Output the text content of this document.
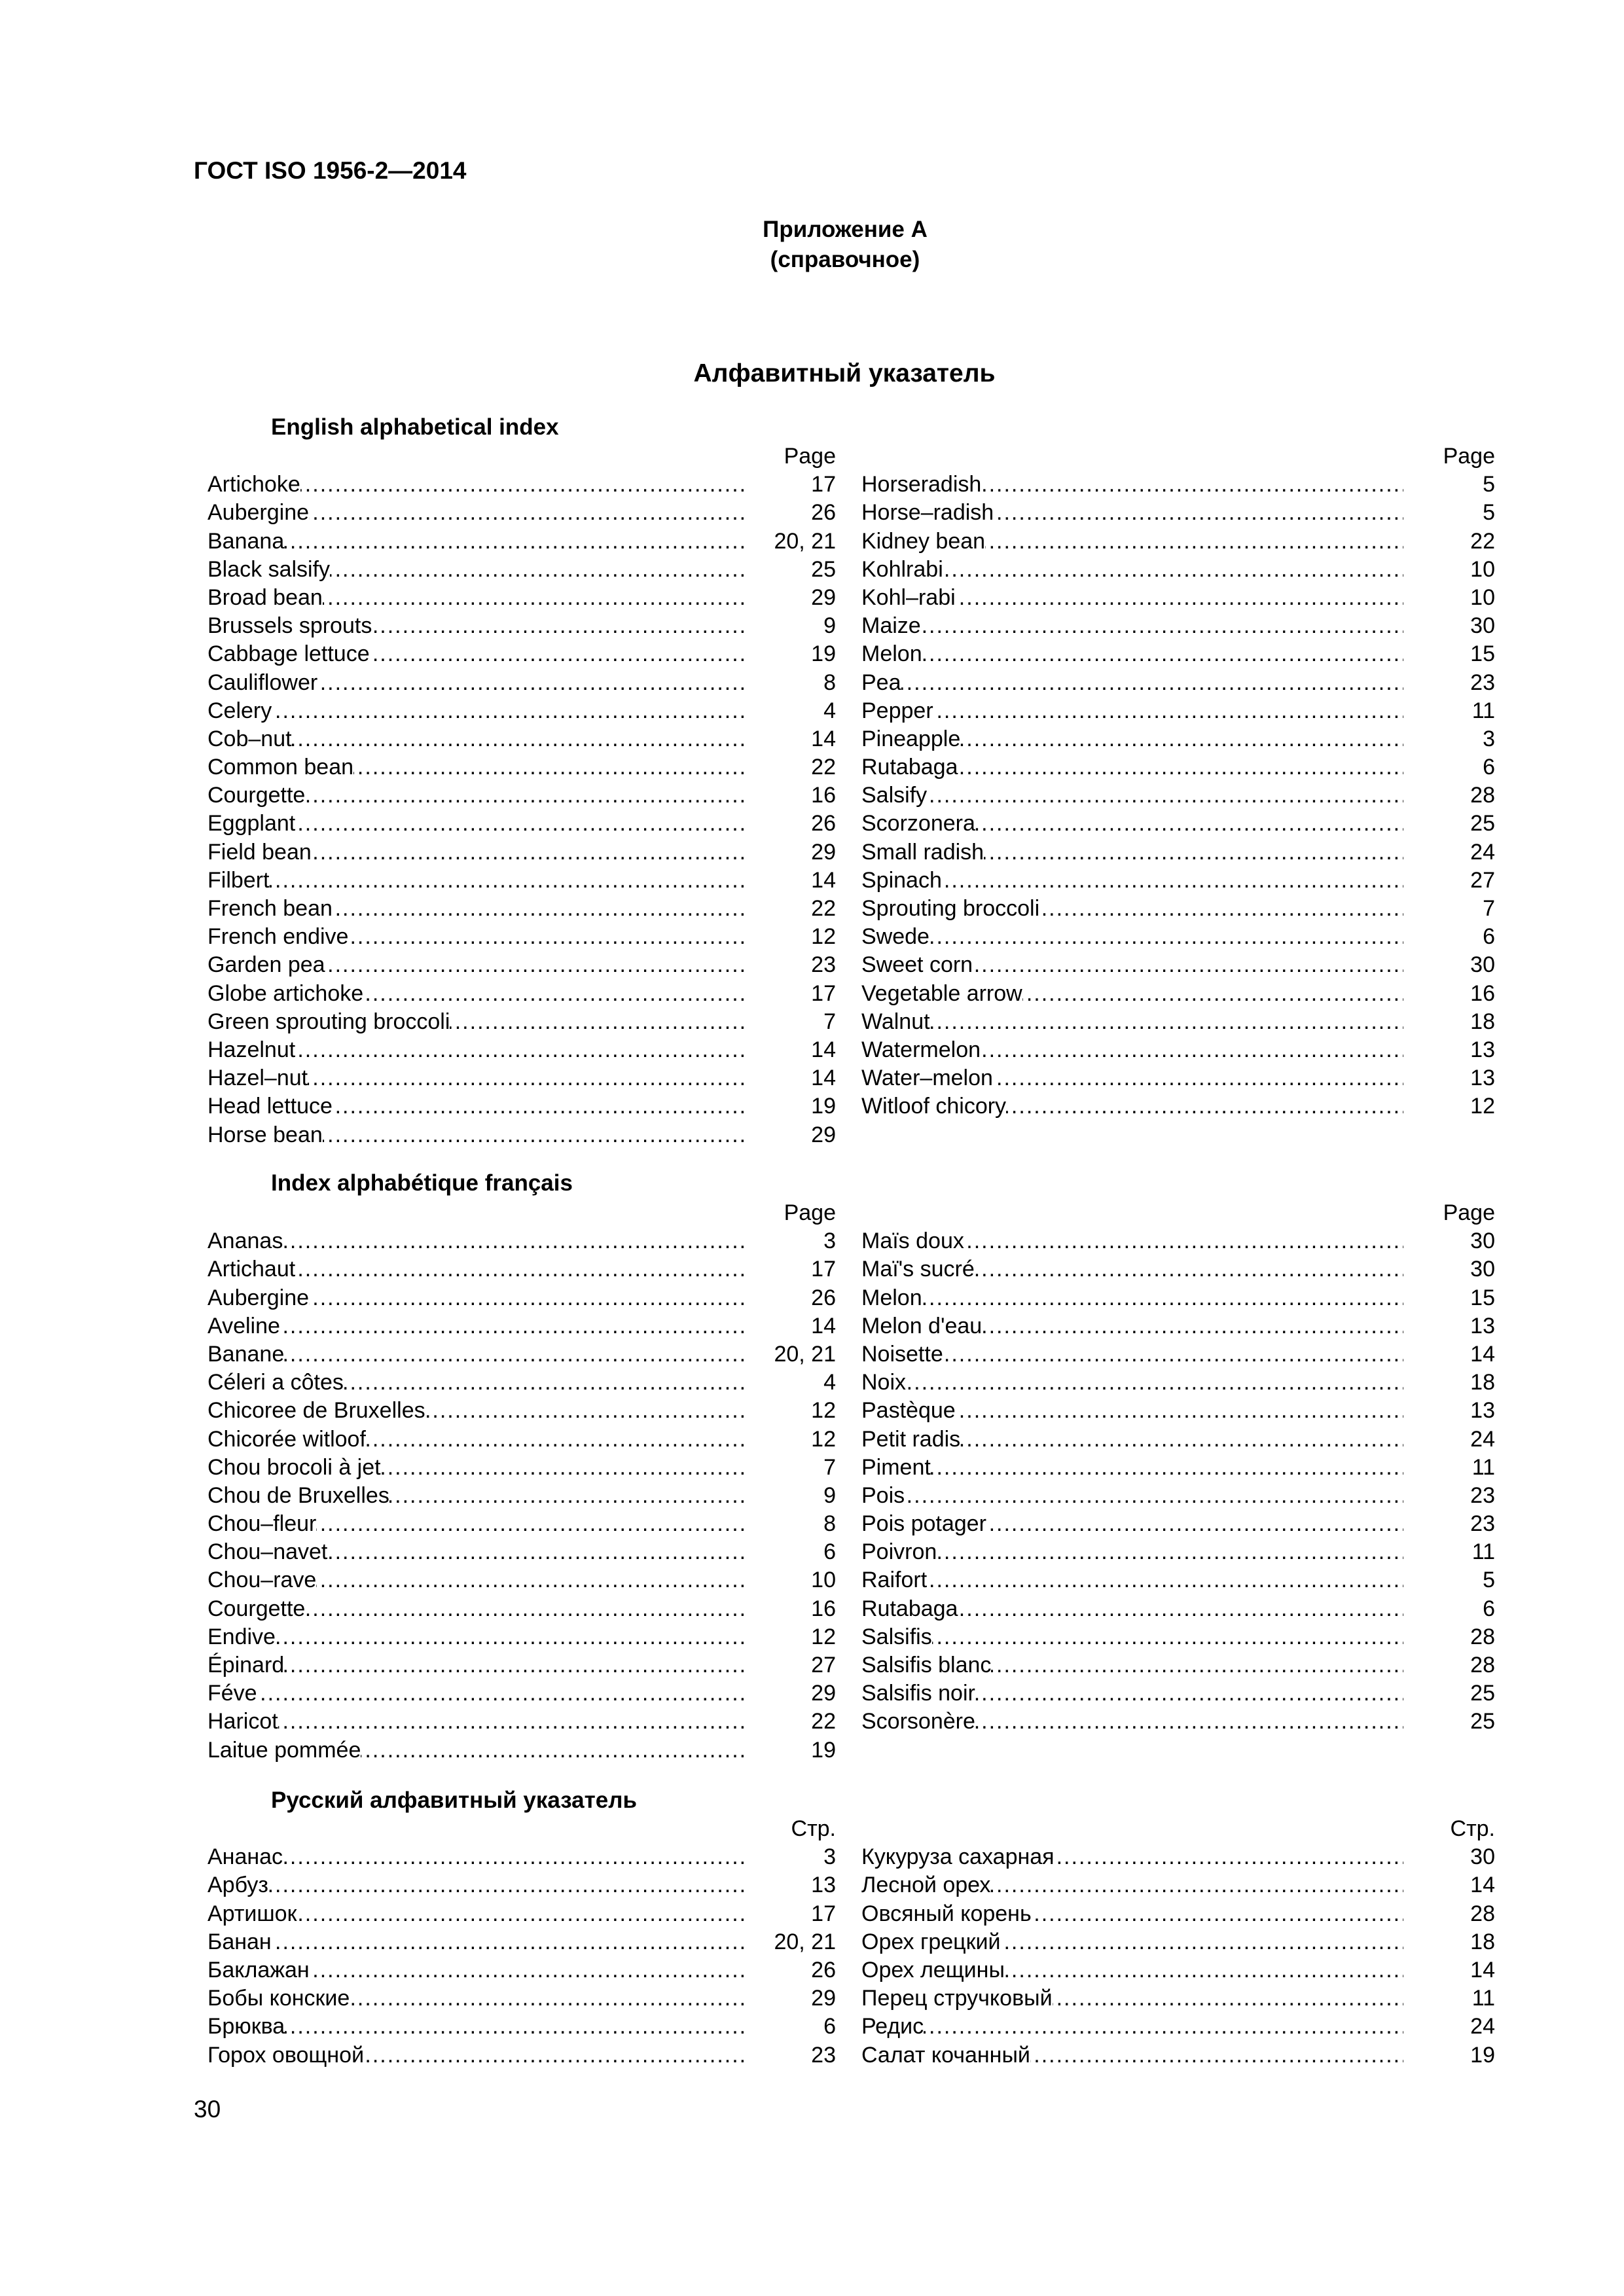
ГОСТ ISO 1956-2—2014
Приложение А
(справочное)
Алфавитный указатель
English alphabetical index
Page
Artichoke .....	17
Aubergine .....	26
Banana .....	20, 21
Black salsify .....	25
Broad bean .....	29
Brussels sprouts .....	9
Cabbage lettuce .....	19
Cauliflower .....	8
Celery .....	4
Cob–nut .....	14
Common bean .....	22
Courgette .....	16
Eggplant .....	26
Field bean .....	29
Filbert .....	14
French bean .....	22
French endive .....	12
Garden pea .....	23
Globe artichoke .....	17
Green sprouting broccoli .....	7
Hazelnut .....	14
Hazel–nut .....	14
Head lettuce .....	19
Horse bean .....	29
Page
Horseradish .....	5
Horse–radish .....	5
Kidney bean .....	22
Kohlrabi .....	10
Kohl–rabi .....	10
Maize .....	30
Melon .....	15
Pea .....	23
Pepper .....	11
Pineapple .....	3
Rutabaga .....	6
Salsify .....	28
Scorzonera .....	25
Small radish .....	24
Spinach .....	27
Sprouting broccoli .....	7
Swede .....	6
Sweet corn .....	30
Vegetable arrow .....	16
Walnut .....	18
Watermelon .....	13
Water–melon .....	13
Witloof chicory .....	12
Index alphabétique français
Page
Ananas .....	3
Artichaut .....	17
Aubergine .....	26
Aveline .....	14
Banane .....	20, 21
Céleri a côtes .....	4
Chicoree de Bruxelles .....	12
Chicorée witloof .....	12
Chou brocoli à jet .....	7
Chou de Bruxelles .....	9
Chou–fleur .....	8
Chou–navet .....	6
Chou–rave .....	10
Courgette .....	16
Endive .....	12
Épinard .....	27
Féve .....	29
Haricot .....	22
Laitue pommée .....	19
Page
Maïs doux .....	30
Maï's sucré .....	30
Melon .....	15
Melon d'eau .....	13
Noisette .....	14
Noix .....	18
Pastèque .....	13
Petit radis .....	24
Piment .....	11
Pois .....	23
Pois potager .....	23
Poivron .....	11
Raifort .....	5
Rutabaga .....	6
Salsifis .....	28
Salsifis blanc .....	28
Salsifis noir .....	25
Scorsonère .....	25
Русский алфавитный указатель
Стр.
Ананас .....	3
Арбуз .....	13
Артишок .....	17
Банан .....	20, 21
Баклажан .....	26
Бобы конские .....	29
Брюква .....	6
Горох овощной .....	23
Стр.
Кукуруза сахарная .....	30
Лесной орех .....	14
Овсяный корень .....	28
Орех грецкий .....	18
Орех лещины .....	14
Перец стручковый .....	11
Редис .....	24
Салат кочанный .....	19
30
